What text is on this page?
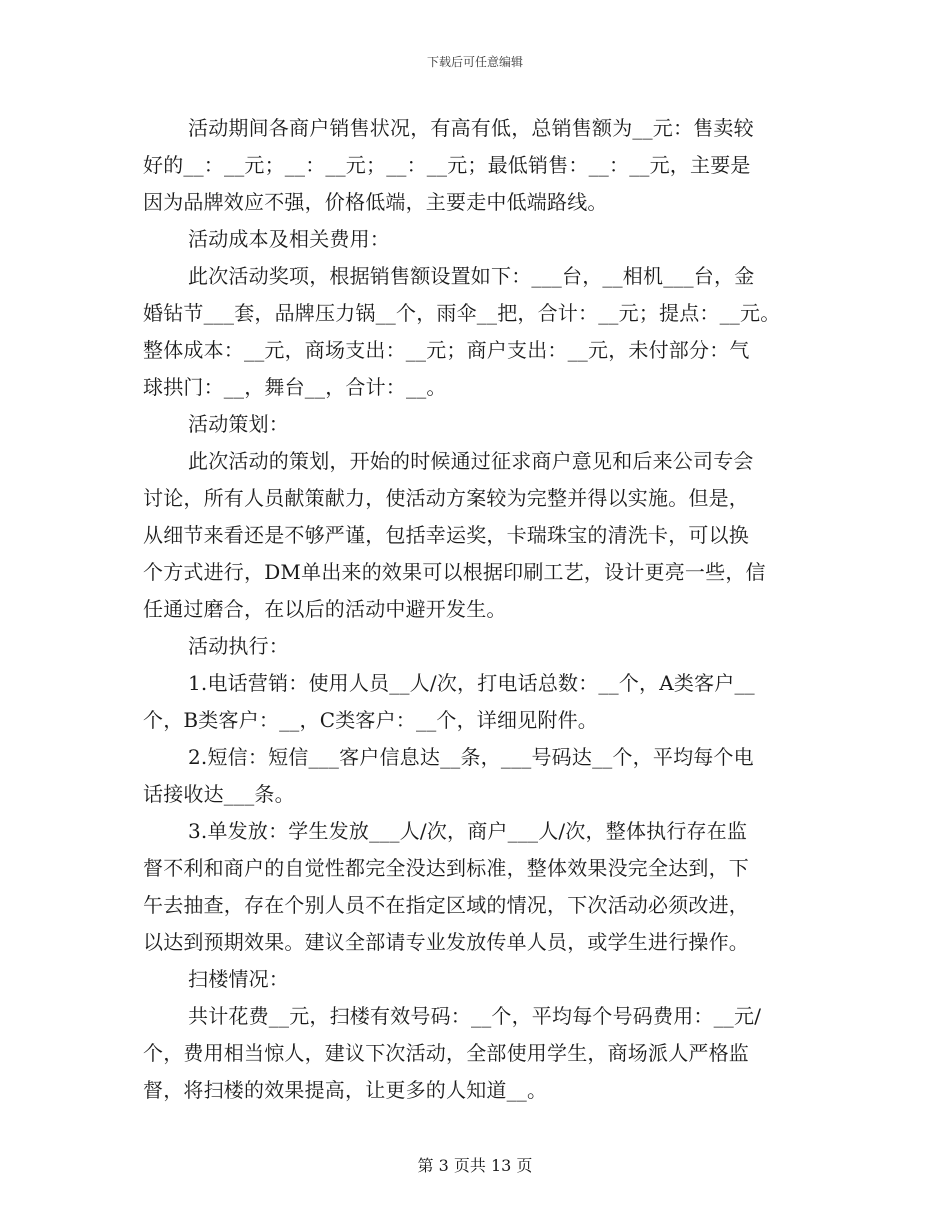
下载后可任意编辑
活动期间各商户销售状况，有高有低，总销售额为__元：售卖较
好的__：__元；__：__元；__：__元；最低销售：__：__元，主要是
因为品牌效应不强，价格低端，主要走中低端路线。
活动成本及相关费用：
此次活动奖项，根据销售额设置如下：___台，__相机___台，金
婚钻节___套，品牌压力锅__个，雨伞__把，合计：__元；提点：__元。
整体成本：__元，商场支出：__元；商户支出：__元，未付部分：气
球拱门：__，舞台__，合计：__。
活动策划：
此次活动的策划，开始的时候通过征求商户意见和后来公司专会
讨论，所有人员献策献力，使活动方案较为完整并得以实施。但是，
从细节来看还是不够严谨，包括幸运奖，卡瑞珠宝的清洗卡，可以换
个方式进行，DM单出来的效果可以根据印刷工艺，设计更亮一些，信
任通过磨合，在以后的活动中避开发生。
活动执行：
1.电话营销：使用人员__人/次，打电话总数：__个，A类客户__
个，B类客户：__，C类客户：__个，详细见附件。
2.短信：短信___客户信息达__条，___号码达__个，平均每个电
话接收达___条。
3.单发放：学生发放___人/次，商户___人/次，整体执行存在监
督不利和商户的自觉性都完全没达到标准，整体效果没完全达到，下
午去抽查，存在个别人员不在指定区域的情况，下次活动必须改进，
以达到预期效果。建议全部请专业发放传单人员，或学生进行操作。
扫楼情况：
共计花费__元，扫楼有效号码：__个，平均每个号码费用：__元/
个，费用相当惊人，建议下次活动，全部使用学生，商场派人严格监
督，将扫楼的效果提高，让更多的人知道__。
第 3 页共 13 页
